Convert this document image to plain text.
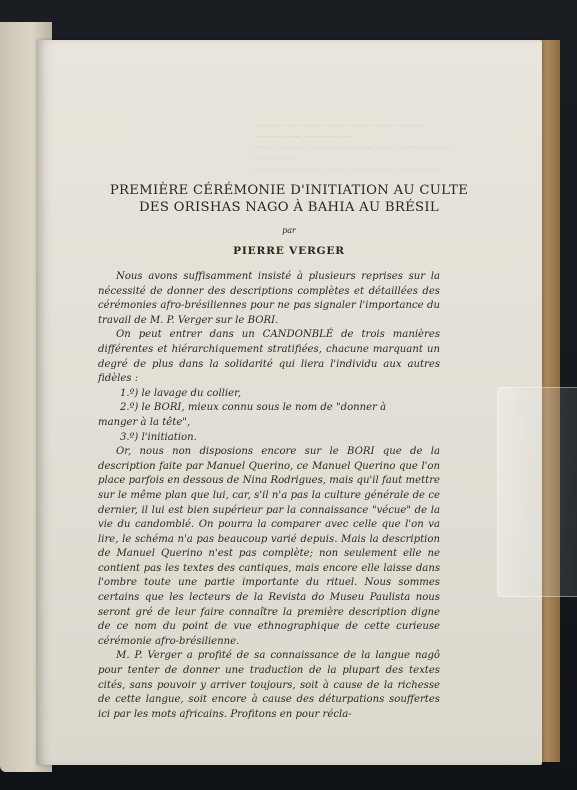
~~~~ ~~~~~~ ~~~ ~~~~~~~ ~~~~ ~~~~~~~ ~~~~~~~
~~~ ~~~~~~~~ ~~~~~~ ~~~ ~~~~~~~~ ~~~~~~
~~~~~~ ~~~~ ~~~ ~~~~~~~ ~~~~~~

PREMIÈRE CÉRÉMONIE D'INITIATION AU CULTE
DES ORISHAS NAGO À BAHIA AU BRÉSIL
par
PIERRE VERGER

Nous avons suffisamment insisté à plusieurs reprises sur la nécessité de donner des descriptions complètes et détaillées des cérémonies afro-brésiliennes pour ne pas signaler l'importance du travail de M. P. Verger sur le BORI.

On peut entrer dans un CANDONBLÉ de trois manières différentes et hiérarchiquement stratifiées, chacune marquant un degré de plus dans la solidarité qui liera l'individu aux autres fidèles :

1.º) le lavage du collier,
2.º) le BORI, mieux connu sous le nom de "donner à
manger à la tête",
3.º) l'initiation.

Or, nous non disposions encore sur le BORI que de la description faite par Manuel Querino, ce Manuel Querino que l'on place parfois en dessous de Nina Rodrigues, mais qu'il faut mettre sur le même plan que lui, car, s'il n'a pas la culture générale de ce dernier, il lui est bien supérieur par la connaissance "vécue" de la vie du candomblé. On pourra la comparer avec celle que l'on va lire, le schéma n'a pas beaucoup varié depuis. Mais la description de Manuel Querino n'est pas complète; non seulement elle ne contient pas les textes des cantiques, mais encore elle laisse dans l'ombre toute une partie importante du rituel. Nous sommes certains que les lecteurs de la Revista do Museu Paulista nous seront gré de leur faire connaître la première description digne de ce nom du point de vue ethnographique de cette curieuse cérémonie afro-brésilienne.

M. P. Verger a profité de sa connaissance de la langue nagô pour tenter de donner une traduction de la plupart des textes cités, sans pouvoir y arriver toujours, soit à cause de la richesse de cette langue, soit encore à cause des déturpations souffertes ici par les mots africains. Profitons en pour récla-
